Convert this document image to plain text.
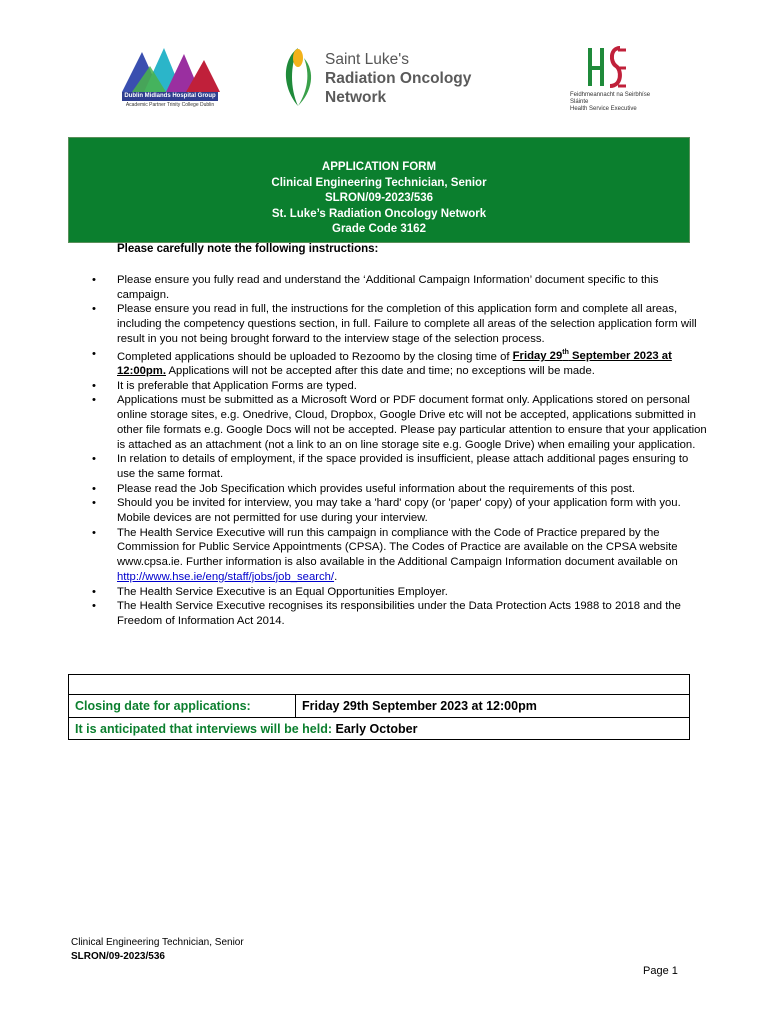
Dublin Midlands Hospital Group
Academic Partner Trinity College Dublin
Saint Luke's
Radiation Oncology
Network	Feidhmeannacht na Seirbhíse Sláinte
Health Service Executive
APPLICATION FORM
Clinical Engineering Technician, Senior
SLRON/09-2023/536
St. Luke’s Radiation Oncology Network
Grade Code 3162
Please carefully note the following instructions:
• Please ensure you fully read and understand the ‘Additional Campaign Information’ document specific to this campaign.
• Please ensure you read in full, the instructions for the completion of this application form and complete all areas, including the competency questions section, in full. Failure to complete all areas of the selection application form will result in you not being brought forward to the interview stage of the selection process.
• Completed applications should be uploaded to Rezoomo by the closing time of Friday 29th September 2023 at 12:00pm. Applications will not be accepted after this date and time; no exceptions will be made.
• It is preferable that Application Forms are typed.
• Applications must be submitted as a Microsoft Word or PDF document format only. Applications stored on personal online storage sites, e.g. Onedrive, Cloud, Dropbox, Google Drive etc will not be accepted, applications submitted in other file formats e.g. Google Docs will not be accepted. Please pay particular attention to ensure that your application is attached as an attachment (not a link to an on line storage site e.g. Google Drive) when emailing your application.
• In relation to details of employment, if the space provided is insufficient, please attach additional pages ensuring to use the same format.
• Please read the Job Specification which provides useful information about the requirements of this post.
• Should you be invited for interview, you may take a 'hard' copy (or 'paper' copy) of your application form with you. Mobile devices are not permitted for use during your interview.
• The Health Service Executive will run this campaign in compliance with the Code of Practice prepared by the Commission for Public Service Appointments (CPSA). The Codes of Practice are available on the CPSA website www.cpsa.ie. Further information is also available in the Additional Campaign Information document available on http://www.hse.ie/eng/staff/jobs/job_search/.
• The Health Service Executive is an Equal Opportunities Employer.
• The Health Service Executive recognises its responsibilities under the Data Protection Acts 1988 to 2018 and the Freedom of Information Act 2014.
Closing date for applications:	Friday 29th September 2023 at 12:00pm
It is anticipated that interviews will be held: Early October
Clinical Engineering Technician, Senior
SLRON/09-2023/536
Page 1
